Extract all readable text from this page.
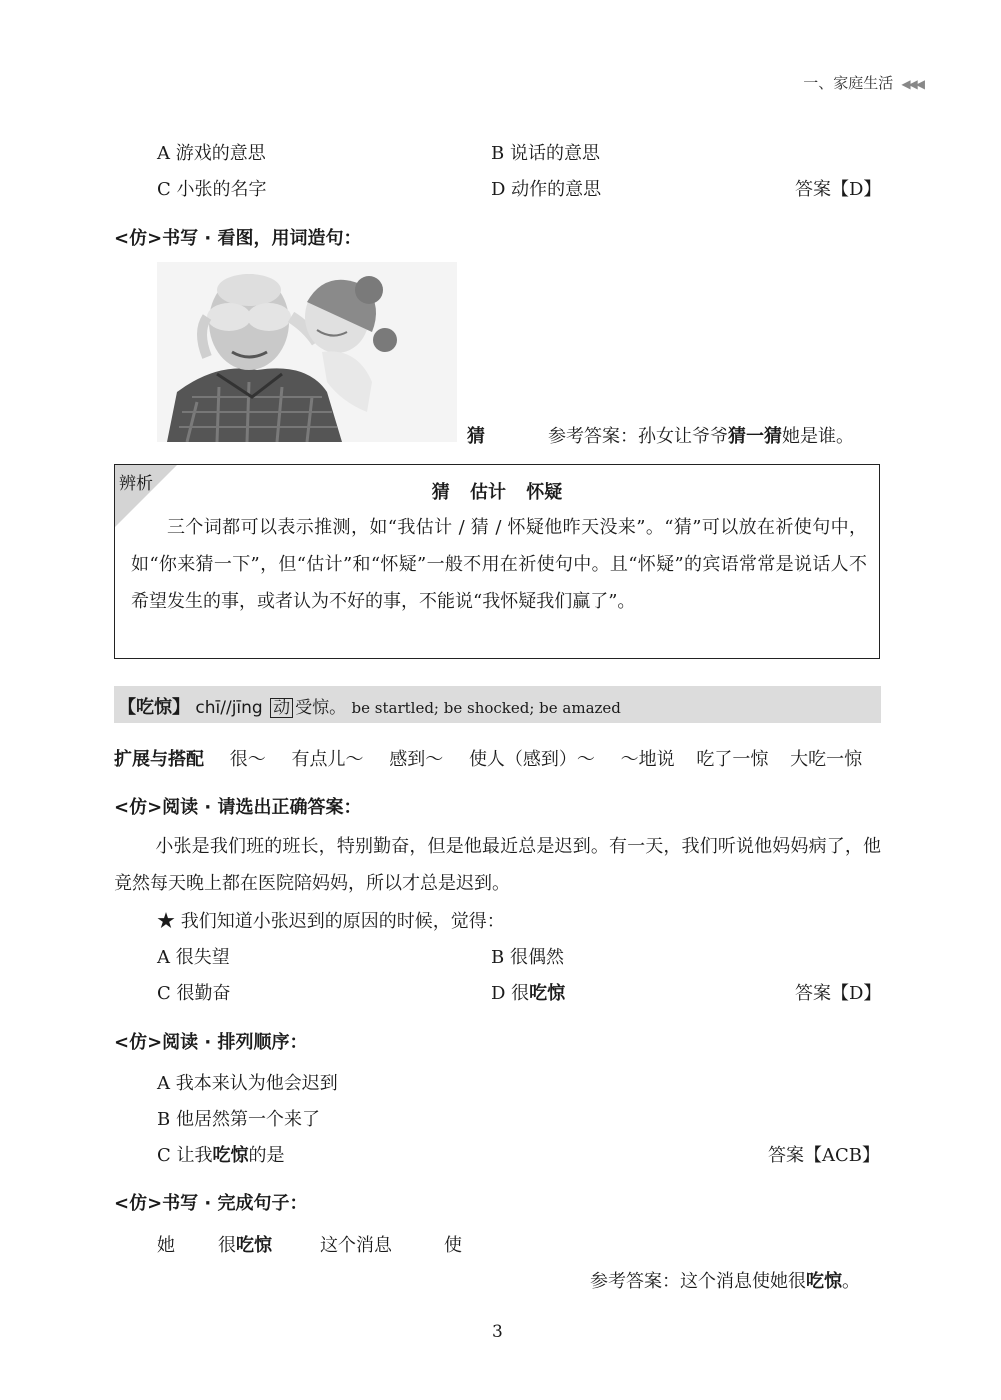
一、家庭生活 ◀◀◀
A 游戏的意思	B 说话的意思
C 小张的名字	D 动作的意思	答案【D】
<仿>书写 · 看图，用词造句：
猜	参考答案：孙女让爷爷猜一猜她是谁。
辨析	猜 估计 怀疑
三个词都可以表示推测，如“我估计 / 猜 / 怀疑他昨天没来”。“猜”可以放在祈使句中，如“你来猜一下”，但“估计”和“怀疑”一般不用在祈使句中。且“怀疑”的宾语常常是说话人不希望发生的事，或者认为不好的事，不能说“我怀疑我们赢了”。
【吃惊】 chī//jīng 动 受惊。 be startled; be shocked; be amazed
扩展与搭配 很～ 有点儿～ 感到～ 使人（感到）～ ～地说 吃了一惊 大吃一惊
<仿>阅读 · 请选出正确答案：
小张是我们班的班长，特别勤奋，但是他最近总是迟到。有一天，我们听说他妈妈病了，他竟然每天晚上都在医院陪妈妈，所以才总是迟到。
★ 我们知道小张迟到的原因的时候，觉得：
A 很失望	B 很偶然
C 很勤奋	D 很吃惊	答案【D】
<仿>阅读 · 排列顺序：
A 我本来认为他会迟到
B 他居然第一个来了
C 让我吃惊的是	答案【ACB】
<仿>书写 · 完成句子：
她 很吃惊	这个消息	使
参考答案：这个消息使她很吃惊。
3
